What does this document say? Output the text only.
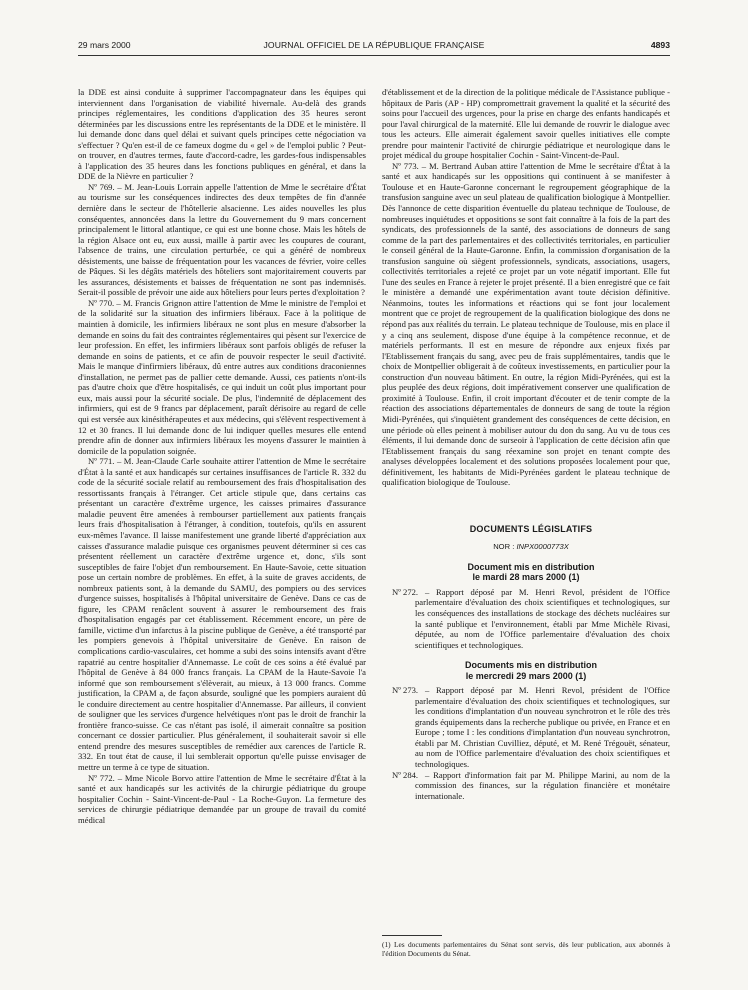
29 mars 2000	JOURNAL OFFICIEL DE LA RÉPUBLIQUE FRANÇAISE	4893

la DDE est ainsi conduite à supprimer l'accompagnateur dans les équipes qui interviennent dans l'organisation de viabilité hivernale. Au-delà des grands principes réglementaires, les conditions d'application des 35 heures seront déterminées par les discussions entre les représentants de la DDE et le ministère. Il lui demande donc dans quel délai et suivant quels principes cette négociation va s'effectuer ? Qu'en est-il de ce fameux dogme du « gel » de l'emploi public ? Peut-on trouver, en d'autres termes, faute d'accord-cadre, les gardes-fous indispensables à l'application des 35 heures dans les fonctions publiques en général, et dans la DDE de la Nièvre en particulier ?

Nº 769. – M. Jean-Louis Lorrain appelle l'attention de Mme le secrétaire d'État au tourisme sur les conséquences indirectes des deux tempêtes de fin d'année dernière dans le secteur de l'hôtellerie alsacienne. Les aides nouvelles les plus conséquentes, annoncées dans la lettre du Gouvernement du 9 mars concernent principalement le littoral atlantique, ce qui est une bonne chose. Mais les hôtels de la région Alsace ont eu, eux aussi, maille à partir avec les coupures de courant, l'absence de trains, une circulation perturbée, ce qui a généré de nombreux désistements, une baisse de fréquentation pour les vacances de février, voire celles de Pâques. Si les dégâts matériels des hôteliers sont majoritairement couverts par les assurances, désistements et baisses de fréquentation ne sont pas indemnisés. Serait-il possible de prévoir une aide aux hôteliers pour leurs pertes d'exploitation ?

Nº 770. – M. Francis Grignon attire l'attention de Mme le ministre de l'emploi et de la solidarité sur la situation des infirmiers libéraux. Face à la politique de maintien à domicile, les infirmiers libéraux ne sont plus en mesure d'absorber la demande en soins du fait des contraintes réglementaires qui pèsent sur l'exercice de leur profession. En effet, les infirmiers libéraux sont parfois obligés de refuser la demande en soins de patients, et ce afin de pouvoir respecter le seuil d'activité. Mais le manque d'infirmiers libéraux, dû entre autres aux conditions draconiennes d'installation, ne permet pas de pallier cette demande. Aussi, ces patients n'ont-ils pas d'autre choix que d'être hospitalisés, ce qui induit un coût plus important pour eux, mais aussi pour la sécurité sociale. De plus, l'indemnité de déplacement des infirmiers, qui est de 9 francs par déplacement, paraît dérisoire au regard de celle qui est versée aux kinésithérapeutes et aux médecins, qui s'élèvent respectivement à 12 et 30 francs. Il lui demande donc de lui indiquer quelles mesures elle entend prendre afin de donner aux infirmiers libéraux les moyens d'assurer le maintien à domicile de la population soignée.

Nº 771. – M. Jean-Claude Carle souhaite attirer l'attention de Mme le secrétaire d'État à la santé et aux handicapés sur certaines insuffisances de l'article R. 332 du code de la sécurité sociale relatif au remboursement des frais d'hospitalisation des ressortissants français à l'étranger. Cet article stipule que, dans certains cas présentant un caractère d'extrême urgence, les caisses primaires d'assurance maladie peuvent être amenées à rembourser partiellement aux patients français leurs frais d'hospitalisation à l'étranger, à condition, toutefois, qu'ils en assurent eux-mêmes l'avance. Il laisse manifestement une grande liberté d'appréciation aux caisses d'assurance maladie puisque ces organismes peuvent déterminer si ces cas présentent réellement un caractère d'extrême urgence et, donc, s'ils sont susceptibles de faire l'objet d'un remboursement. En Haute-Savoie, cette situation pose un certain nombre de problèmes. En effet, à la suite de graves accidents, de nombreux patients sont, à la demande du SAMU, des pompiers ou des services d'urgence suisses, hospitalisés à l'hôpital universitaire de Genève. Dans ce cas de figure, les CPAM renâclent souvent à assurer le remboursement des frais d'hospitalisation engagés par cet établissement. Récemment encore, un père de famille, victime d'un infarctus à la piscine publique de Genève, a été transporté par les pompiers genevois à l'hôpital universitaire de Genève. En raison de complications cardio-vasculaires, cet homme a subi des soins intensifs avant d'être rapatrié au centre hospitalier d'Annemasse. Le coût de ces soins a été évalué par l'hôpital de Genève à 84 000 francs français. La CPAM de la Haute-Savoie l'a informé que son remboursement s'élèverait, au mieux, à 13 000 francs. Comme justification, la CPAM a, de façon absurde, souligné que les pompiers auraient dû le conduire directement au centre hospitalier d'Annemasse. Par ailleurs, il convient de souligner que les services d'urgence helvétiques n'ont pas le droit de franchir la frontière franco-suisse. Ce cas n'étant pas isolé, il aimerait connaître sa position concernant ce dossier particulier. Plus généralement, il souhaiterait savoir si elle entend prendre des mesures susceptibles de remédier aux carences de l'article R. 332. En tout état de cause, il lui semblerait opportun qu'elle puisse envisager de mettre un terme à ce type de situation.

Nº 772. – Mme Nicole Borvo attire l'attention de Mme le secrétaire d'État à la santé et aux handicapés sur les activités de la chirurgie pédiatrique du groupe hospitalier Cochin - Saint-Vincent-de-Paul - La Roche-Guyon. La fermeture des services de chirurgie pédiatrique demandée par un groupe de travail du comité médical

d'établissement et de la direction de la politique médicale de l'Assistance publique - hôpitaux de Paris (AP - HP) compromettrait gravement la qualité et la sécurité des soins pour l'accueil des urgences, pour la prise en charge des enfants handicapés et pour l'aval chirurgical de la maternité. Elle lui demande de rouvrir le dialogue avec tous les acteurs. Elle aimerait également savoir quelles initiatives elle compte prendre pour maintenir l'activité de chirurgie pédiatrique et neurologique dans le projet médical du groupe hospitalier Cochin - Saint-Vincent-de-Paul.

Nº 773. – M. Bertrand Auban attire l'attention de Mme le secrétaire d'État à la santé et aux handicapés sur les oppositions qui continuent à se manifester à Toulouse et en Haute-Garonne concernant le regroupement géographique de la transfusion sanguine avec un seul plateau de qualification biologique à Montpellier. Dès l'annonce de cette disparition éventuelle du plateau technique de Toulouse, de nombreuses inquiétudes et oppositions se sont fait connaître à la fois de la part des syndicats, des professionnels de la santé, des associations de donneurs de sang comme de la part des parlementaires et des collectivités territoriales, en particulier le conseil général de la Haute-Garonne. Enfin, la commission d'organisation de la transfusion sanguine où siègent professionnels, syndicats, associations, usagers, collectivités territoriales a rejeté ce projet par un vote négatif important. Elle fut l'une des seules en France à rejeter le projet présenté. Il a bien enregistré que ce fait le ministère a demandé une expérimentation avant toute décision définitive. Néanmoins, toutes les informations et réactions qui se font jour localement montrent que ce projet de regroupement de la qualification biologique des dons ne répond pas aux réalités du terrain. Le plateau technique de Toulouse, mis en place il y a cinq ans seulement, dispose d'une équipe à la compétence reconnue, et de matériels performants. Il est en mesure de répondre aux enjeux fixés par l'Etablissement français du sang, avec peu de frais supplémentaires, tandis que le choix de Montpellier obligerait à de coûteux investissements, en particulier pour la construction d'un nouveau bâtiment. En outre, la région Midi-Pyrénées, qui est la plus peuplée des deux régions, doit impérativement conserver une qualification de proximité à Toulouse. Enfin, il croit important d'écouter et de tenir compte de la réaction des associations départementales de donneurs de sang de toute la région Midi-Pyrénées, qui s'inquiètent grandement des conséquences de cette décision, en une période où elles peinent à mobiliser autour du don du sang. Au vu de tous ces éléments, il lui demande donc de surseoir à l'application de cette décision afin que l'Etablissement français du sang réexamine son projet en tenant compte des analyses développées localement et des solutions proposées localement pour que, définitivement, les habitants de Midi-Pyrénées gardent le plateau technique de qualification biologique de Toulouse.

DOCUMENTS LÉGISLATIFS

NOR : INPX0000773X

Document mis en distribution
le mardi 28 mars 2000 (1)

Nº 272. – Rapport déposé par M. Henri Revol, président de l'Office parlementaire d'évaluation des choix scientifiques et technologiques, sur les conséquences des installations de stockage des déchets nucléaires sur la santé publique et l'environnement, établi par Mme Michèle Rivasi, députée, au nom de l'Office parlementaire d'évaluation des choix scientifiques et technologiques.

Documents mis en distribution
le mercredi 29 mars 2000 (1)

Nº 273. – Rapport déposé par M. Henri Revol, président de l'Office parlementaire d'évaluation des choix scientifiques et technologiques, sur les conditions d'implantation d'un nouveau synchrotron et le rôle des très grands équipements dans la recherche publique ou privée, en France et en Europe ; tome I : les conditions d'implantation d'un nouveau synchrotron, établi par M. Christian Cuvilliez, député, et M. René Trégouët, sénateur, au nom de l'Office parlementaire d'évaluation des choix scientifiques et technologiques.

Nº 284. – Rapport d'information fait par M. Philippe Marini, au nom de la commission des finances, sur la régulation financière et monétaire internationale.

(1) Les documents parlementaires du Sénat sont servis, dès leur publication, aux abonnés à l'édition Documents du Sénat.
